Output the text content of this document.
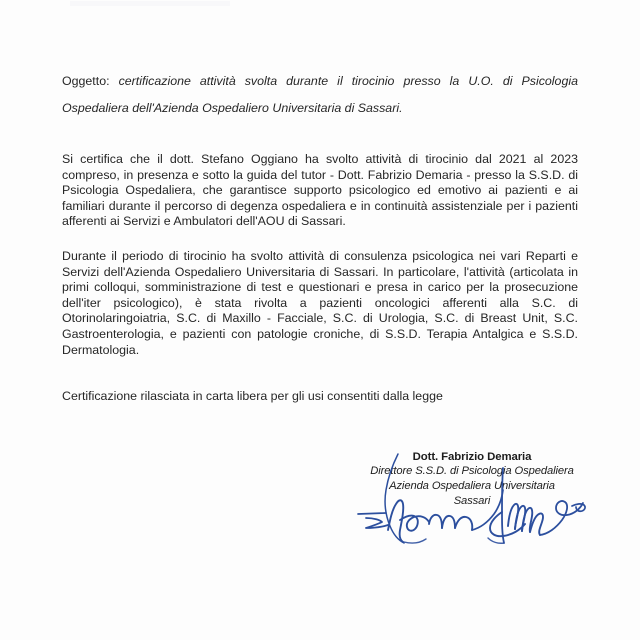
Oggetto: certificazione attività svolta durante il tirocinio presso la U.O. di Psicologia Ospedaliera dell'Azienda Ospedaliero Universitaria di Sassari.
Si certifica che il dott. Stefano Oggiano ha svolto attività di tirocinio dal 2021 al 2023 compreso, in presenza e sotto la guida del tutor - Dott. Fabrizio Demaria - presso la S.S.D. di Psicologia Ospedaliera, che garantisce supporto psicologico ed emotivo ai pazienti e ai familiari durante il percorso di degenza ospedaliera e in continuità assistenziale per i pazienti afferenti ai Servizi e Ambulatori dell'AOU di Sassari.
Durante il periodo di tirocinio ha svolto attività di consulenza psicologica nei vari Reparti e Servizi dell'Azienda Ospedaliero Universitaria di Sassari. In particolare, l'attività (articolata in primi colloqui, somministrazione di test e questionari e presa in carico per la prosecuzione dell'iter psicologico), è stata rivolta a pazienti oncologici afferenti alla S.C. di Otorinolaringoiatria, S.C. di Maxillo - Facciale, S.C. di Urologia, S.C. di Breast Unit, S.C. Gastroenterologia, e pazienti con patologie croniche, di S.S.D. Terapia Antalgica e S.S.D. Dermatologia.
Certificazione rilasciata in carta libera per gli usi consentiti dalla legge
Dott. Fabrizio Demaria
Direttore S.S.D. di Psicologia Ospedaliera
Azienda Ospedaliera Universitaria
Sassari
